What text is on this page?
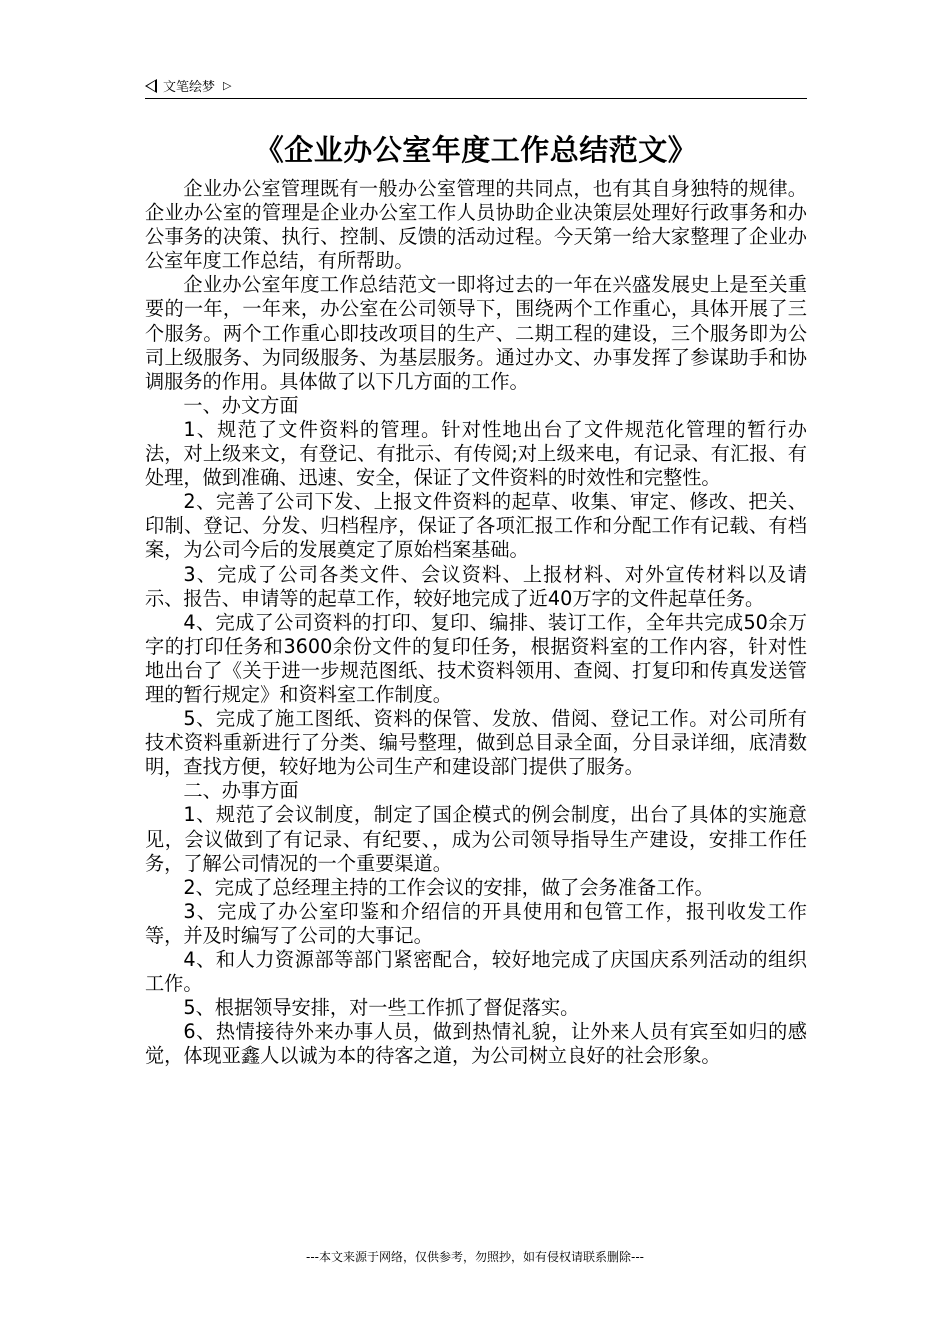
文笔绘梦 ▷
《企业办公室年度工作总结范文》

企业办公室管理既有一般办公室管理的共同点，也有其自身独特的规律。企业办公室的管理是企业办公室工作人员协助企业决策层处理好行政事务和办公事务的决策、执行、控制、反馈的活动过程。今天第一给大家整理了企业办公室年度工作总结，有所帮助。

企业办公室年度工作总结范文一即将过去的一年在兴盛发展史上是至关重要的一年，一年来，办公室在公司领导下，围绕两个工作重心，具体开展了三个服务。两个工作重心即技改项目的生产、二期工程的建设，三个服务即为公司上级服务、为同级服务、为基层服务。通过办文、办事发挥了参谋助手和协调服务的作用。具体做了以下几方面的工作。

一、办文方面

1、规范了文件资料的管理。针对性地出台了文件规范化管理的暂行办法，对上级来文，有登记、有批示、有传阅;对上级来电，有记录、有汇报、有处理，做到准确、迅速、安全，保证了文件资料的时效性和完整性。

2、完善了公司下发、上报文件资料的起草、收集、审定、修改、把关、印制、登记、分发、归档程序，保证了各项汇报工作和分配工作有记载、有档案，为公司今后的发展奠定了原始档案基础。

3、完成了公司各类文件、会议资料、上报材料、对外宣传材料以及请示、报告、申请等的起草工作，较好地完成了近40万字的文件起草任务。

4、完成了公司资料的打印、复印、编排、装订工作，全年共完成50余万字的打印任务和3600余份文件的复印任务，根据资料室的工作内容，针对性地出台了《关于进一步规范图纸、技术资料领用、查阅、打复印和传真发送管理的暂行规定》和资料室工作制度。

5、完成了施工图纸、资料的保管、发放、借阅、登记工作。对公司所有技术资料重新进行了分类、编号整理，做到总目录全面，分目录详细，底清数明，查找方便，较好地为公司生产和建设部门提供了服务。

二、办事方面

1、规范了会议制度，制定了国企模式的例会制度，出台了具体的实施意见，会议做到了有记录、有纪要、，成为公司领导指导生产建设，安排工作任务，了解公司情况的一个重要渠道。

2、完成了总经理主持的工作会议的安排，做了会务准备工作。

3、完成了办公室印鉴和介绍信的开具使用和包管工作，报刊收发工作等，并及时编写了公司的大事记。

4、和人力资源部等部门紧密配合，较好地完成了庆国庆系列活动的组织工作。

5、根据领导安排，对一些工作抓了督促落实。

6、热情接待外来办事人员，做到热情礼貌，让外来人员有宾至如归的感觉，体现亚鑫人以诚为本的待客之道，为公司树立良好的社会形象。

---本文来源于网络，仅供参考，勿照抄，如有侵权请联系删除---
